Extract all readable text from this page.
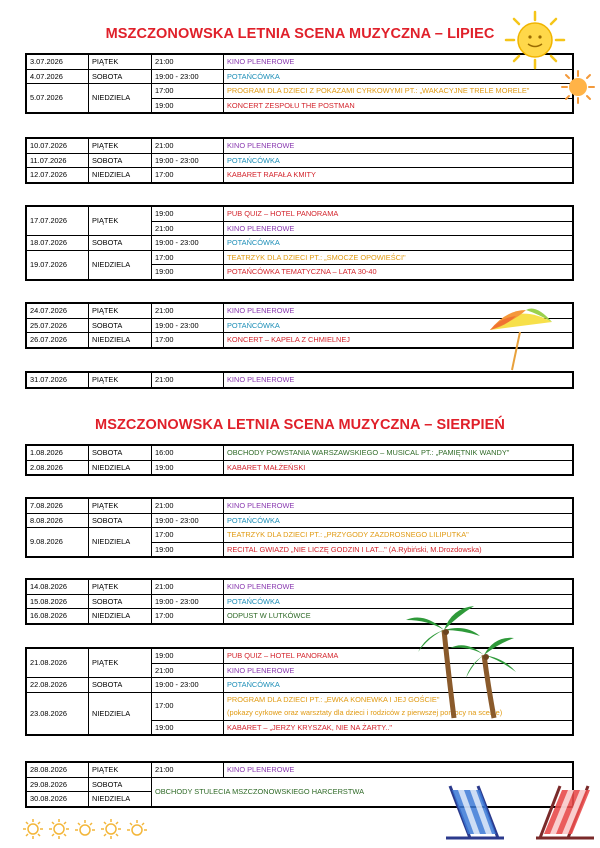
MSZCZONOWSKA LETNIA SCENA MUZYCZNA – LIPIEC
MSZCZONOWSKA LETNIA SCENA MUZYCZNA – SIERPIEŃ
3.07.2026	PIĄTEK	21:00	KINO PLENEROWE
4.07.2026	SOBOTA	19:00 - 23:00	POTAŃCÓWKA
5.07.2026	NIEDZIELA	17:00	PROGRAM DLA DZIECI Z POKAZAMI CYRKOWYMI PT.: „WAKACYJNE TRELE MORELE"
		19:00	KONCERT ZESPOŁU THE POSTMAN
10.07.2026	PIĄTEK	21:00	KINO PLENEROWE
11.07.2026	SOBOTA	19:00 - 23:00	POTAŃCÓWKA
12.07.2026	NIEDZIELA	17:00	KABARET RAFAŁA KMITY
17.07.2026	PIĄTEK	19:00	PUB QUIZ – HOTEL PANORAMA
		21:00	KINO PLENEROWE
18.07.2026	SOBOTA	19:00 - 23:00	POTAŃCÓWKA
19.07.2026	NIEDZIELA	17:00	TEATRZYK DLA DZIECI PT.: „SMOCZE OPOWIEŚCI"
		19:00	POTAŃCÓWKA TEMATYCZNA – LATA 30-40
24.07.2026	PIĄTEK	21:00	KINO PLENEROWE
25.07.2026	SOBOTA	19:00 - 23:00	POTAŃCÓWKA
26.07.2026	NIEDZIELA	17:00	KONCERT – KAPELA Z CHMIELNEJ
31.07.2026	PIĄTEK	21:00	KINO PLENEROWE
1.08.2026	SOBOTA	16:00	OBCHODY POWSTANIA WARSZAWSKIEGO – MUSICAL PT.: „PAMIĘTNIK WANDY"
2.08.2026	NIEDZIELA	19:00	KABARET MAŁŻEŃSKI
7.08.2026	PIĄTEK	21:00	KINO PLENEROWE
8.08.2026	SOBOTA	19:00 - 23:00	POTAŃCÓWKA
9.08.2026	NIEDZIELA	17:00	TEATRZYK DLA DZIECI PT.: „PRZYGODY ZAZDROSNEGO LILIPUTKA"
		19:00	RECITAL GWIAZD „NIE LICZĘ GODZIN I LAT..." (A.Rybiński, M.Drozdowska)
14.08.2026	PIĄTEK	21:00	KINO PLENEROWE
15.08.2026	SOBOTA	19:00 - 23:00	POTAŃCÓWKA
16.08.2026	NIEDZIELA	17:00	ODPUST W LUTKÓWCE
21.08.2026	PIĄTEK	19:00	PUB QUIZ – HOTEL PANORAMA
		21:00	KINO PLENEROWE
22.08.2026	SOBOTA	19:00 - 23:00	POTAŃCÓWKA
23.08.2026	NIEDZIELA	17:00	PROGRAM DLA DZIECI PT.: „EWKA KONEWKA I JEJ GOŚCIE"
(pokazy cyrkowe oraz warsztaty dla dzieci i rodziców z pierwszej pomocy na scenie)
		19:00	KABARET – „JERZY KRYSZAK, NIE NA ŻARTY.."
28.08.2026	PIĄTEK	21:00	KINO PLENEROWE
29.08.2026	SOBOTA	OBCHODY STULECIA MSZCZONOWSKIEGO HARCERSTWA	
30.08.2026	NIEDZIELA		
